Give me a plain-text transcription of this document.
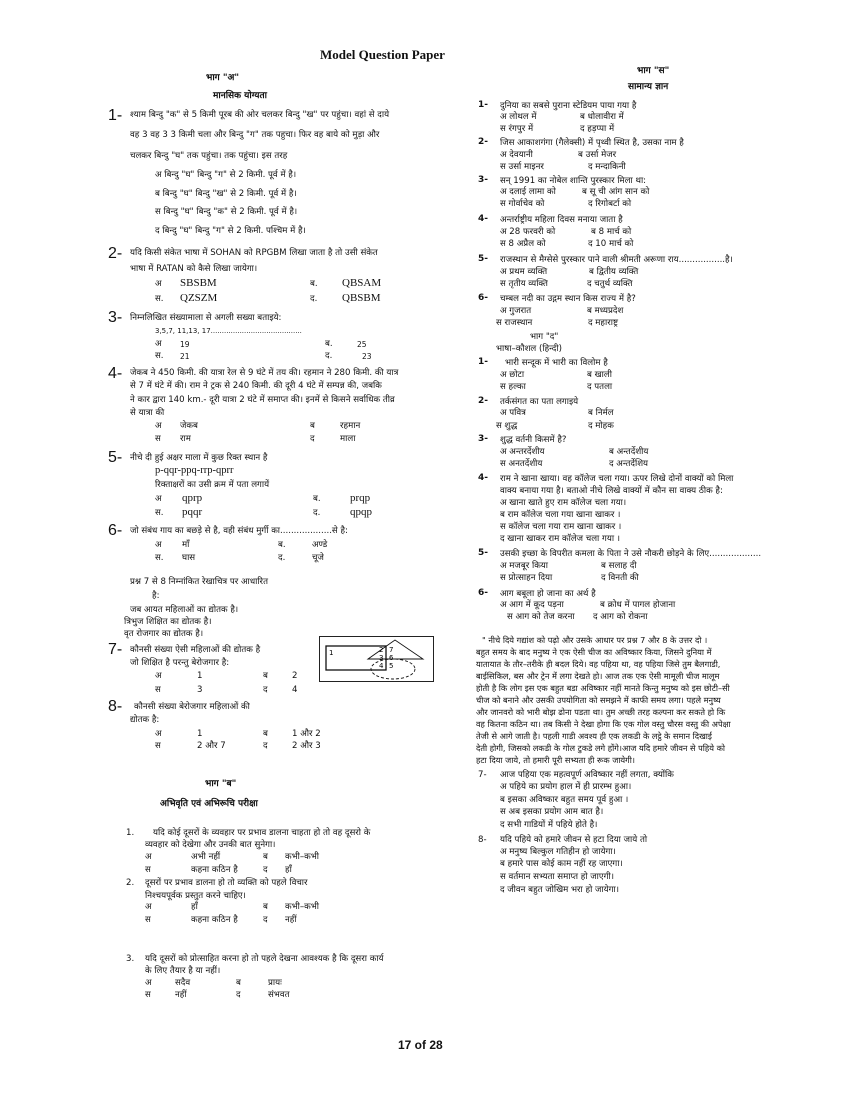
Model Question Paper
भाग "अ"
मानसिक योग्यता
1- श्याम बिन्दु "क" से 5 किमी पूरब की ओर चलकर बिन्दु "ख" पर पहुंचा। वहां से दाये
वह 3 वह 3 3 किमी चला और बिन्दु "ग" तक पहुचा। फिर वह बाये को मुड़ा और
चलकर बिन्दु "घ" तक पहुंचा। तक पहुंचा। इस तरह
अ बिन्दु "घ" बिन्दु "ग" से 2 किमी. पूर्व में है।
ब बिन्दु "घ" बिन्दु "ख" से 2 किमी. पूर्व में है।
स बिन्दु "घ" बिन्दु "क" से 2 किमी. पूर्व में है।
द बिन्दु "घ" बिन्दु "ग" से 2 किमी. पश्चिम में है।
2- यदि किसी संकेत भाषा में SOHAN को RPGBM लिखा जाता है तो उसी संकेत
भाषा में RATAN को कैसे लिखा जायेगा।
अ SBSBM	ब. QBSAM
स. QZSZM	द. QBSBM
3- निम्नलिखित संख्यामाला से अगली सख्या बताइये:
3,5,7, 11,13, 17.........................................
अ 19	ब.	25
स. 21	द.	23
4- जेकब ने 450 किमी. की यात्रा रेल से 9 घंटे में तय की। रहमान ने 280 किमी. की यात्र
से 7 में घंटे में की। राम ने ट्रक से 240 किमी. की दूरी 4 घंटे में सम्पन्न की, जबकि
ने कार द्वारा 140 km.- दूरी यात्रा 2 घंटे में समाप्त की। इनमें से किसने सर्वाधिक तीव्र
से यात्रा की
अ जेकब	ब	रहमान
स राम	द	माला
5- नीचे दी हुई अक्षर माला में कुछ रिक्त स्थान है
p-qqr-ppq-rrp-qprr
रिक्ताक्षरों का उसी क्रम में पता लगायें
अ qprp	ब.	prqp
स. pqqr	द.	qpqp
6- जो संबंध गाय का बछड़े से है, वही संबंध मुर्गी का...................से है:
अ माँ	ब.	अण्डे
स. घास	द.	चूजे
प्रश्न 7 से 8 निम्नांकित रेखाचित्र पर आधारित
है:
जब आयत महिलाओं का द्योतक है।
त्रिभुज शिक्षित का द्योतक है।
वृत रोजगार का द्योतक है।
1	2 7
3 6
4 5
7- कौनसी संख्या ऐसी महिलाओं की द्योतक है
जो शिक्षित है परन्तु बेरोजगार है:
अ	1	ब	2
स	3	द	4
8- कौनसी संख्या बेरोजगार महिलाओं की
द्योतक है:
अ	1	ब	1 और 2
स	2 और 7	द	2 और 3
भाग "ब"
अभिवृति एवं अभिरूचि परीक्षा
1. यदि कोई दूसरों के व्यवहार पर प्रभाव डालना चाहता हो तो वह दूसरो के
व्यवहार को देखेगा और उनकी बात सुनेगा।
अ	अभी नहीं	ब कभी–कभी
स	कहना कठिन है	द हाँ
2. दूसरों पर प्रभाव डालना हो तो व्यक्ति को पहले विचार
निश्चयपूर्वक प्रस्तुत करने चाहिए।
अ	हाँ	ब कभी–कभी
स	कहना कठिन है	द नहीं
3. यदि दूसरों को प्रोत्साहित करना हो तो पहले देखना आवश्यक है कि दूसरा कार्य
के लिए तैयार है या नहीं।
अ	सदैव	ब	प्रायः
स	नहीं	द	संभवत
भाग "स"
सामान्य ज्ञान
1- दुनिया का सबसे पुराना स्टेडियम पाया गया है
अ लोथल में	ब धोलावीरा में
स रंगपुर में	द हड़प्पा में
2- जिस आकाशगंगा (गैलेक्सी) में पृथ्वी स्थित है, उसका नाम है
अ देवयानी	ब उर्सा मेजर
स उर्सा माइनर	द मन्दाकिनी
3- सन् 1991 का नोबेल शान्ति पुरस्कार मिला था:
अ दलाई लामा को	ब सू ची आंग सान को
स गोर्वाचेव को	द रिगोबर्टा को
4- अन्तर्राष्ट्रीय महिला दिवस मनाया जाता है
अ 28 फरवरी को	ब 8 मार्च को
स 8 अप्रैल को	द 10 मार्च को
5- राजस्थान से मैग्सेसे पुरस्कार पाने वाली श्रीमती अरूणा राय.................है।
अ प्रथम व्यक्ति	ब द्वितीय व्यक्ति
स तृतीय व्यक्ति	द चतुर्थ व्यक्ति
6- चम्बल नदी का उद्गम स्थान किस राज्य में है?
अ गुजरात	ब मध्यप्रदेश
स राजस्थान	द महाराष्ट्र
भाग "द"
भाषा–कौशल (हिन्दी)
1- भारी सन्दूक में भारी का विलोम है
अ छोटा	ब खाली
स हल्का	द पतला
2- तर्कसंगत का पता लगाइये
अ पवित्र	ब निर्मल
स शुद्ध	द मोहक
3- शुद्ध वर्तनी किसमें है?
अ अन्तरर्देशीय	ब अन्तर्देशीय
स अनतर्देशीय	द अन्तर्देशिय
4- राम ने खाना खाया। वह कॉलेज चला गया। ऊपर लिखे दोनों वाक्यों को मिला
वाक्य बनाया गया है। बताओ नीचे लिखे वाक्यों में कौन सा वाक्य ठीक है:
अ खाना खाते हुए राम कॉलेज चला गया।
ब राम कॉलेज चला गया खाना खाकर ।
स कॉलेज चला गया राम खाना खाकर ।
द खाना खाकर राम कॉलेज चला गया ।
5- उसकी इच्छा के विपरीत कमला के पिता ने उसे नौकरी छोड़ने के लिए...................
अ मजबूर किया	ब सलाह दी
स प्रोत्साहन दिया	द विनती की
6- आग बबूला हो जाना का अर्थ है
अ आग में कूद पड़ना	ब क्रोध में पागल होजाना
स आग को तेज करना द आग को रोकना
" नीचे दिये गद्यांश को पढ़ो और उसके आधार पर प्रश्न 7 और 8 के उत्तर दो ।
बहुत समय के बाद मनुष्य ने एक ऐसी चीज का अविष्कार किया, जिसने दुनिया में
यातायात के तौर–तरीके ही बदल दिये। वह पहिया था, वह पहिया जिसे तुम बैलगाडी,
बाईसिकिल, बस और ट्रेन में लगा देखते हो। आज तक एक ऐसी मामूली चीज मालूम
होती है कि लोग इस एक बहुत बडा अविष्कार नहीं मानते किन्तु मनुष्य को इस छोटी–सी
चीज को बनाने और उसकी उपयोगिता को समझने में काफी समय लगा। पहले मनुष्य
और जानवरो को भारी बोझ ढोना पडता था। तुम अच्छी तरह कल्पना कर सकते हो कि
वह कितना कठिन था। तब किसी ने देखा होगा कि एक गोल वस्तु चौरस वस्तु की अपेक्षा
तेजी से आगे जाती है। पहली गाडी अवश्य ही एक लकडी के लट्ठे के समान दिखाई
देती होगी, जिसको लकडी के गोल टुकडे लगे होंगे।आज यदि हमारे जीवन से पहिये को
हटा दिया जाये, तो हमारी पूरी सभ्यता ही रूक जायेगी।
7- आज पहिया एक महत्वपूर्ण अविष्कार नहीं लगता, क्योंकि
अ पहिये का प्रयोग हाल में ही प्रारम्भ हुआ।
ब इसका अविष्कार बहुत समय पूर्व हुआ ।
स अब इसका प्रयोग आम बात है।
द सभी गाडियों में पहिये होते है।
8- यदि पहिये को हमारे जीवन से हटा दिया जाये तो
अ मनुष्य बिल्कुल गतिहीन हो जायेगा।
ब हमारे पास कोई काम नहीं रह जाएगा।
स वर्तमान सभ्यता समाप्त हो जाएगी।
द जीवन बहुत जोखिम भरा हो जायेगा।
17 of 28
